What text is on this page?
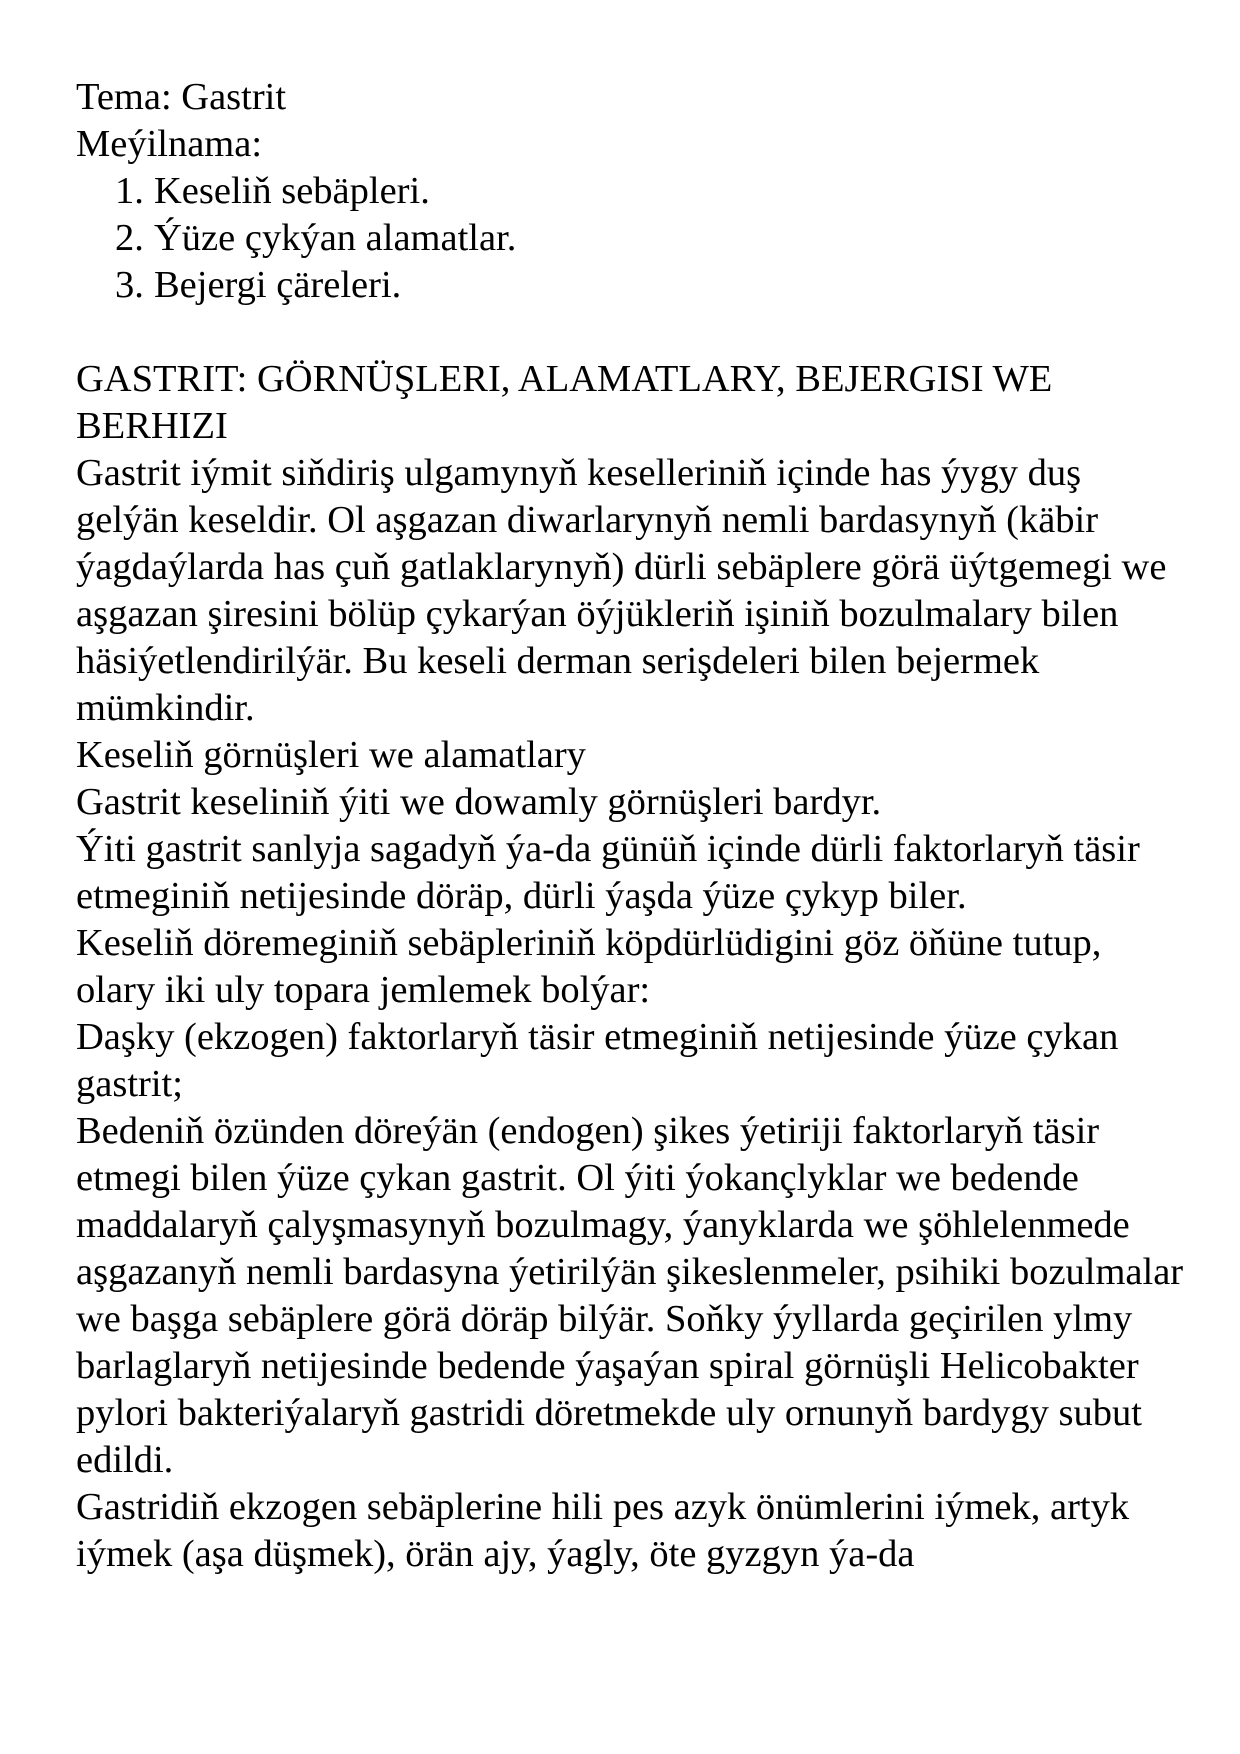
Tema: Gastrit

Meýilnama:

1. Keseliň sebäpleri.
2. Ýüze çykýan alamatlar.
3. Bejergi çäreleri.

GASTRIT: GÖRNÜŞLERI, ALAMATLARY, BEJERGISI WE BERHIZI

Gastrit iýmit siňdiriş ulgamynyň keselleriniň içinde has ýygy duş gelýän keseldir. Ol aşgazan diwarlarynyň nemli bardasynyň (käbir ýagdaýlarda has çuň gatlaklarynyň) dürli sebäplere görä üýtgemegi we aşgazan şiresini bölüp çykarýan öýjükleriň işiniň bozulmalary bilen häsiýetlendirilýär. Bu keseli derman serişdeleri bilen bejermek mümkindir.

Keseliň görnüşleri we alamatlary

Gastrit keseliniň ýiti we dowamly görnüşleri bardyr.

Ýiti gastrit sanlyja sagadyň ýa-da günüň içinde dürli faktorlaryň täsir etmeginiň netijesinde döräp, dürli ýaşda ýüze çykyp biler.

Keseliň döremeginiň sebäpleriniň köpdürlüdigini göz öňüne tutup, olary iki uly topara jemlemek bolýar:

Daşky (ekzogen) faktorlaryň täsir etmeginiň netijesinde ýüze çykan gastrit;

Bedeniň özünden döreýän (endogen) şikes ýetiriji faktorlaryň täsir etmegi bilen ýüze çykan gastrit. Ol ýiti ýokançlyklar we bedende maddalaryň çalyşmasynyň bozulmagy, ýanyklarda we şöhlelenmede aşgazanyň nemli bardasyna ýetirilýän şikeslenmeler, psihiki bozulmalar we başga sebäplere görä döräp bilýär. Soňky ýyllarda geçirilen ylmy barlaglaryň netijesinde bedende ýaşaýan spiral görnüşli Helicobakter pylori bakteriýalaryň gastridi döretmekde uly ornunyň bardygy subut edildi.

Gastridiň ekzogen sebäplerine hili pes azyk önümlerini iýmek, artyk iýmek (aşa düşmek), örän ajy, ýagly, öte gyzgyn ýa-da
